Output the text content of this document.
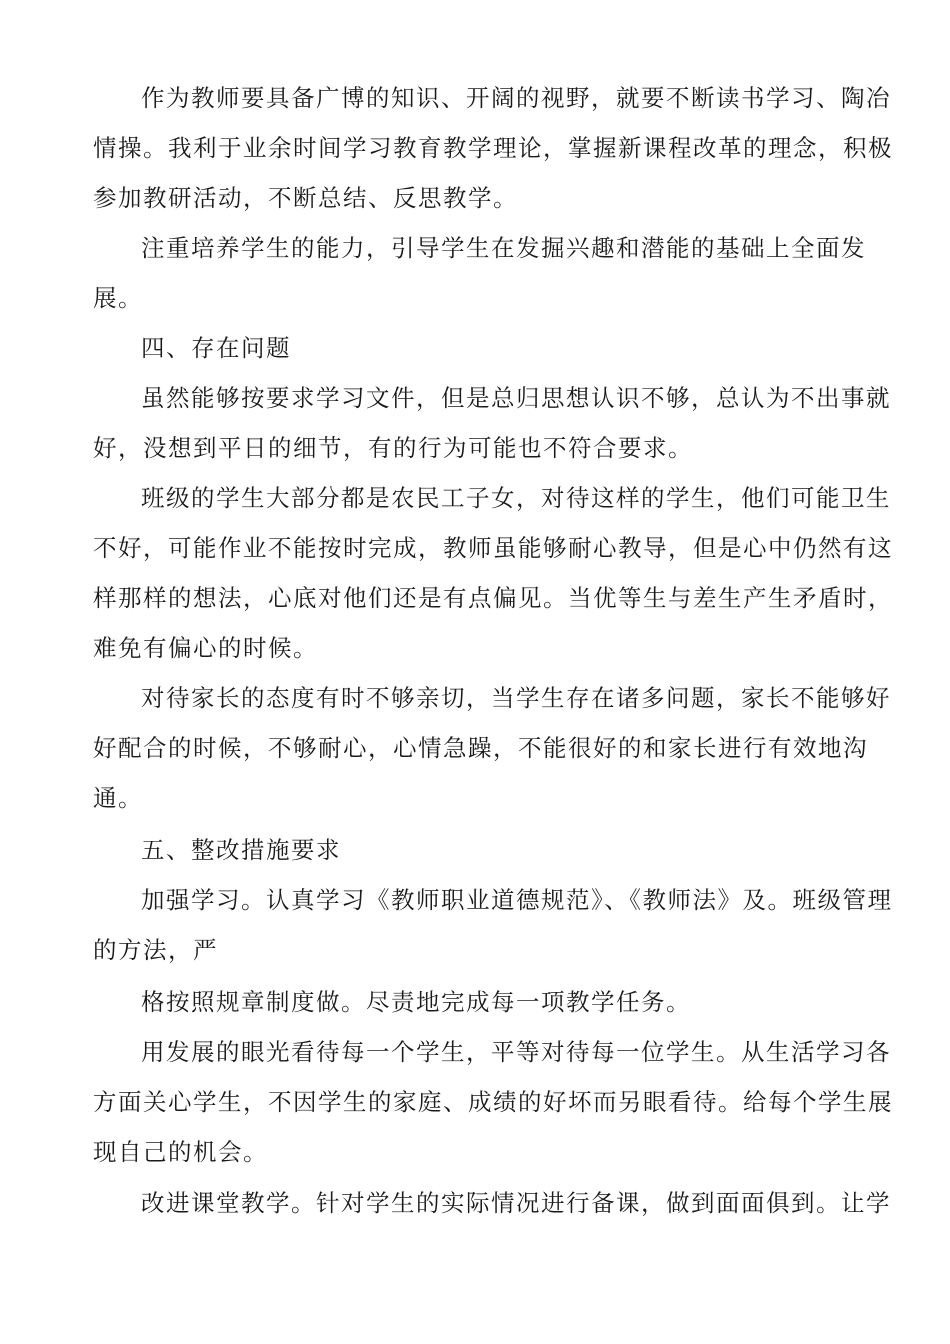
作为教师要具备广博的知识、开阔的视野，就要不断读书学习、陶冶
情操。我利于业余时间学习教育教学理论，掌握新课程改革的理念，积极
参加教研活动，不断总结、反思教学。
注重培养学生的能力，引导学生在发掘兴趣和潜能的基础上全面发
展。
四、存在问题
虽然能够按要求学习文件，但是总归思想认识不够，总认为不出事就
好，没想到平日的细节，有的行为可能也不符合要求。
班级的学生大部分都是农民工子女，对待这样的学生，他们可能卫生
不好，可能作业不能按时完成，教师虽能够耐心教导，但是心中仍然有这
样那样的想法，心底对他们还是有点偏见。当优等生与差生产生矛盾时，
难免有偏心的时候。
对待家长的态度有时不够亲切，当学生存在诸多问题，家长不能够好
好配合的时候，不够耐心，心情急躁，不能很好的和家长进行有效地沟
通。
五、整改措施要求
加强学习。认真学习《教师职业道德规范》、《教师法》及。班级管理
的方法，严
格按照规章制度做。尽责地完成每一项教学任务。
用发展的眼光看待每一个学生，平等对待每一位学生。从生活学习各
方面关心学生，不因学生的家庭、成绩的好坏而另眼看待。给每个学生展
现自己的机会。
改进课堂教学。针对学生的实际情况进行备课，做到面面俱到。让学
